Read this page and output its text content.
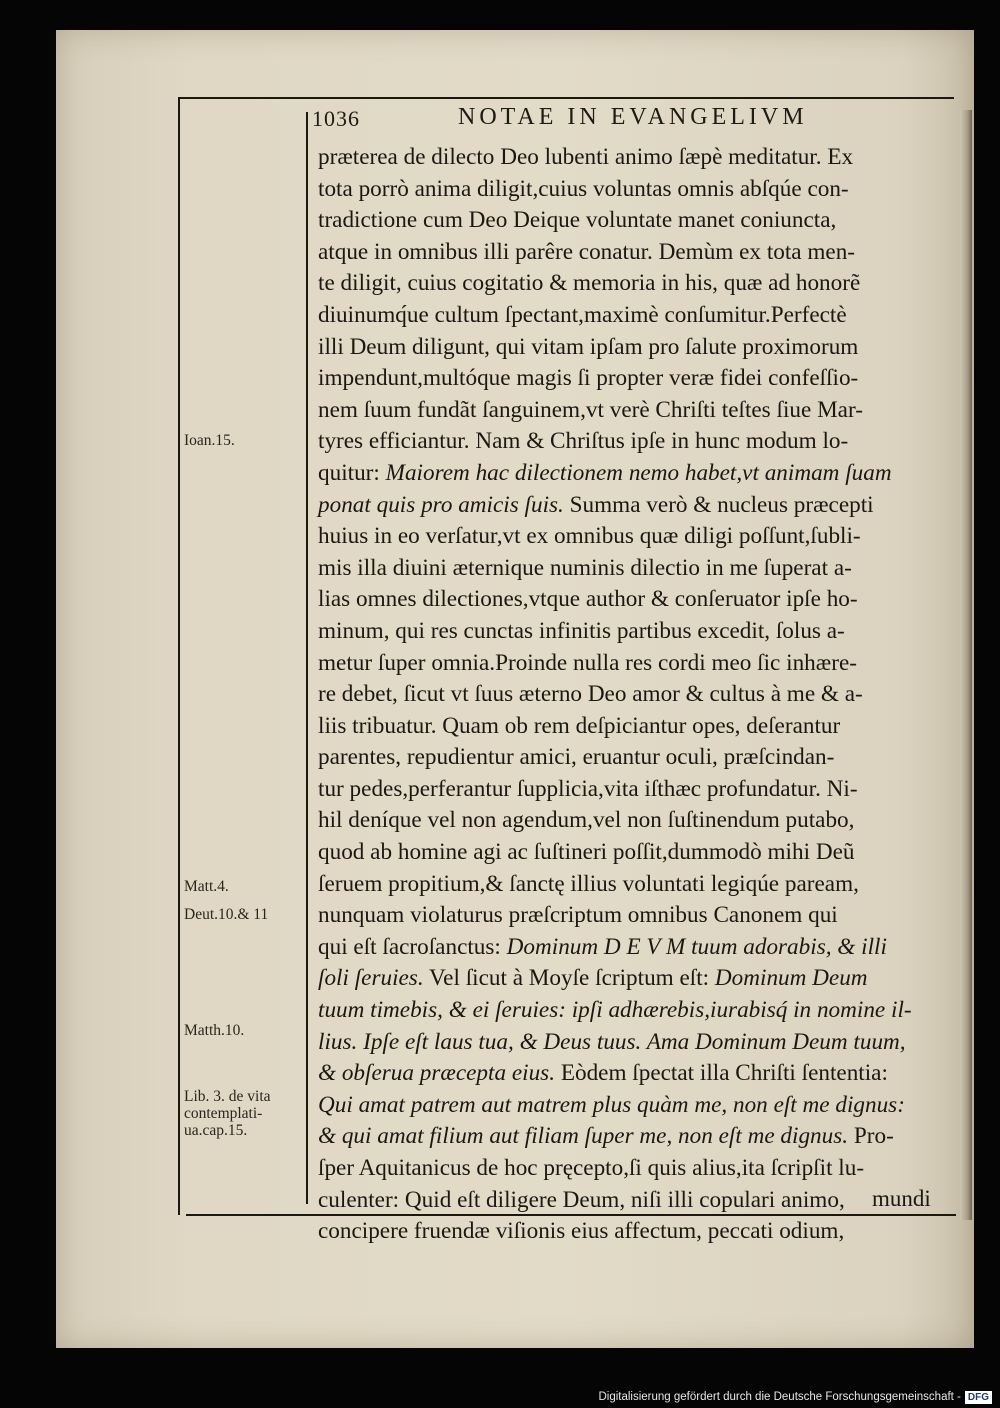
1036	NOTAE IN EVANGELIVM
Ioan.15.
Matt.4.
Deut.10.& 11
Matth.10.
Lib. 3. de vita
contemplati-
ua.cap.15.
præterea de dilecto Deo lubenti animo ſæpè meditatur. Ex
tota porrò anima diligit,cuius voluntas omnis abſqúe con-
tradictione cum Deo Deique voluntate manet coniuncta,
atque in omnibus illi parêre conatur. Demùm ex tota men-
te diligit, cuius cogitatio & memoria in his, quæ ad honorẽ
diuinumq́ue cultum ſpectant,maximè conſumitur.Perfectè
illi Deum diligunt, qui vitam ipſam pro ſalute proximorum
impendunt,multóque magis ſi propter veræ fidei confeſſio-
nem ſuum fundãt ſanguinem,vt verè Chriſti teſtes ſiue Mar-
tyres efficiantur. Nam & Chriſtus ipſe in hunc modum lo-
quitur: Maiorem hac dilectionem nemo habet,vt animam ſuam
ponat quis pro amicis ſuis. Summa verò & nucleus præcepti
huius in eo verſatur,vt ex omnibus quæ diligi poſſunt,ſubli-
mis illa diuini æternique numinis dilectio in me ſuperat a-
lias omnes dilectiones,vtque author & conſeruator ipſe ho-
minum, qui res cunctas infinitis partibus excedit, ſolus a-
metur ſuper omnia.Proinde nulla res cordi meo ſic inhære-
re debet, ſicut vt ſuus æterno Deo amor & cultus à me & a-
liis tribuatur. Quam ob rem deſpiciantur opes, deſerantur
parentes, repudientur amici, eruantur oculi, præſcindan-
tur pedes,perferantur ſupplicia,vita iſthæc profundatur. Ni-
hil deníque vel non agendum,vel non ſuſtinendum putabo,
quod ab homine agi ac ſuſtineri poſſit,dummodò mihi Deũ
ſeruem propitium,& ſanctę illius voluntati legiqúe paream,
nunquam violaturus præſcriptum omnibus Canonem qui
qui eſt ſacroſanctus: Dominum D E V M tuum adorabis, & illi
ſoli ſeruies. Vel ſicut à Moyſe ſcriptum eſt: Dominum Deum
tuum timebis, & ei ſeruies: ipſi adhærebis,iurabisq́ in nomine il-
lius. Ipſe eſt laus tua, & Deus tuus. Ama Dominum Deum tuum,
& obſerua præcepta eius. Eòdem ſpectat illa Chriſti ſententia:
Qui amat patrem aut matrem plus quàm me, non eſt me dignus:
& qui amat filium aut filiam ſuper me, non eſt me dignus. Pro-
ſper Aquitanicus de hoc pręcepto,ſi quis alius,ita ſcripſit lu-
culenter: Quid eſt diligere Deum, niſi illi copulari animo,
concipere fruendæ viſionis eius affectum, peccati odium,
mundi
Digitalisierung gefördert durch die Deutsche Forschungsgemeinschaft - DFG
